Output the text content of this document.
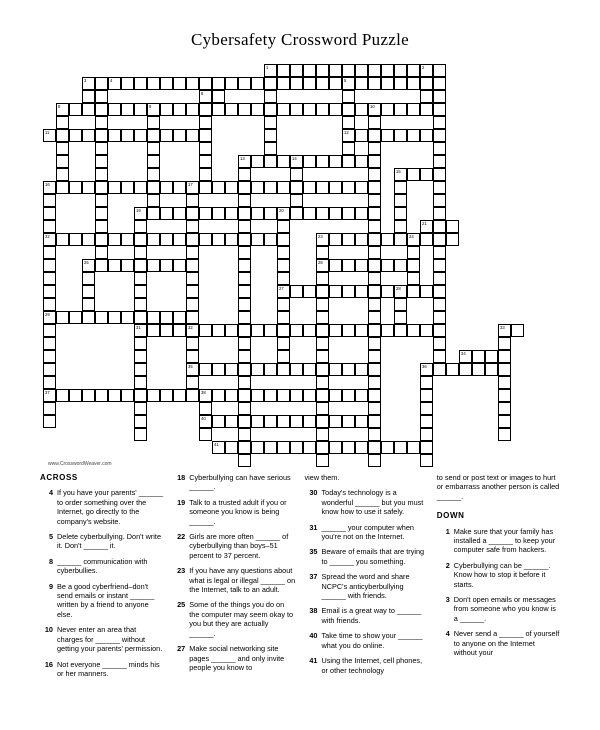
Cybersafety Crossword Puzzle
1	2
3	4	5
6
8	9	10
11	12
13	14
15
16	17
19	20
21
22	23	24
25	26
27	28
29
31	32	33
34
35	36
37	38
40
41
www.CrosswordWeaver.com
ACROSS
4 If you have your parents' ______ to order something over the Internet, go directly to the company's website.
5 Delete cyberbullying. Don't write it. Don't ______ it.
8 ______ communication with cyberbullies.
9 Be a good cyberfriend–don't send emails or instant ______ written by a friend to anyone else.
10 Never enter an area that charges for ______ without getting your parents' permission.
16 Not everyone ______ minds his or her manners.
18 Cyberbullying can have serious ______.
19 Talk to a trusted adult if you or someone you know is being ______.
22 Girls are more often ______ of cyberbullying than boys–51 percent to 37 percent.
23 If you have any questions about what is legal or illegal ______ on the Internet, talk to an adult.
25 Some of the things you do on the computer may seem okay to you but they are actually ______.
27 Make social networking site pages ______ and only invite people you know to
view them.
30 Today's technology is a wonderful ______ but you must know how to use it safely.
31 ______ your computer when you're not on the Internet.
35 Beware of emails that are trying to ______ you something.
37 Spread the word and share NCPC's anticyberbullying ______ with friends.
38 Email is a great way to ______ with friends.
40 Take time to show your ______ what you do online.
41 Using the Internet, cell phones, or other technology
to send or post text or images to hurt or embarrass another person is called ______.
DOWN
1 Make sure that your family has installed a ______ to keep your computer safe from hackers.
2 Cyberbullying can be ______. Know how to stop it before it starts.
3 Don't open emails or messages from someone who you know is a ______.
4 Never send a ______ of yourself to anyone on the Internet without your
